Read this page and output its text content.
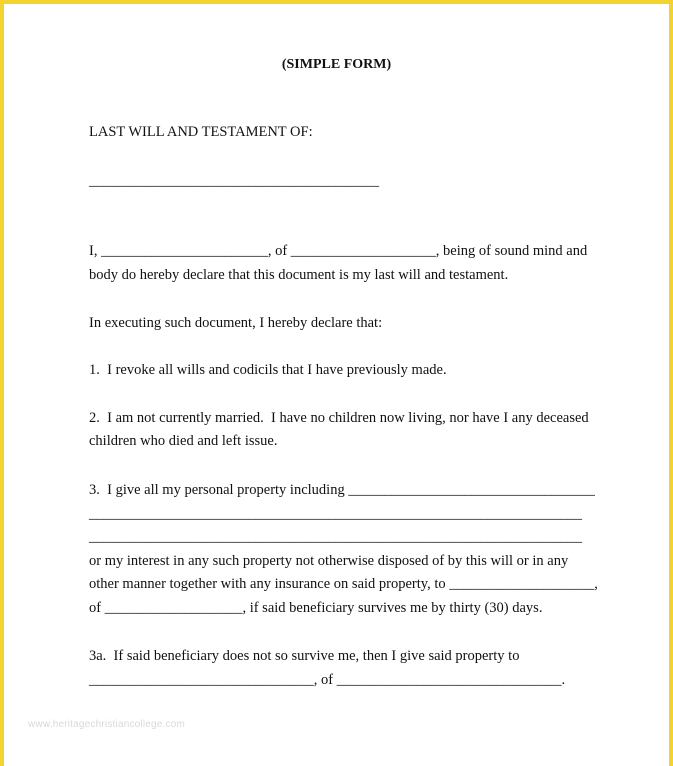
(SIMPLE FORM)
LAST WILL AND TESTAMENT OF:
________________________________________
I, _______________________, of ____________________, being of sound mind and
body do hereby declare that this document is my last will and testament.
In executing such document, I hereby declare that:
1.  I revoke all wills and codicils that I have previously made.
2.  I am not currently married.  I have no children now living, nor have I any deceased
children who died and left issue.
3.  I give all my personal property including __________________________________
____________________________________________________________________
____________________________________________________________________
or my interest in any such property not otherwise disposed of by this will or in any
other manner together with any insurance on said property, to ____________________,
of ___________________, if said beneficiary survives me by thirty (30) days.
3a.  If said beneficiary does not so survive me, then I give said property to
_______________________________, of _______________________________.
www.heritagechristiancollege.com
